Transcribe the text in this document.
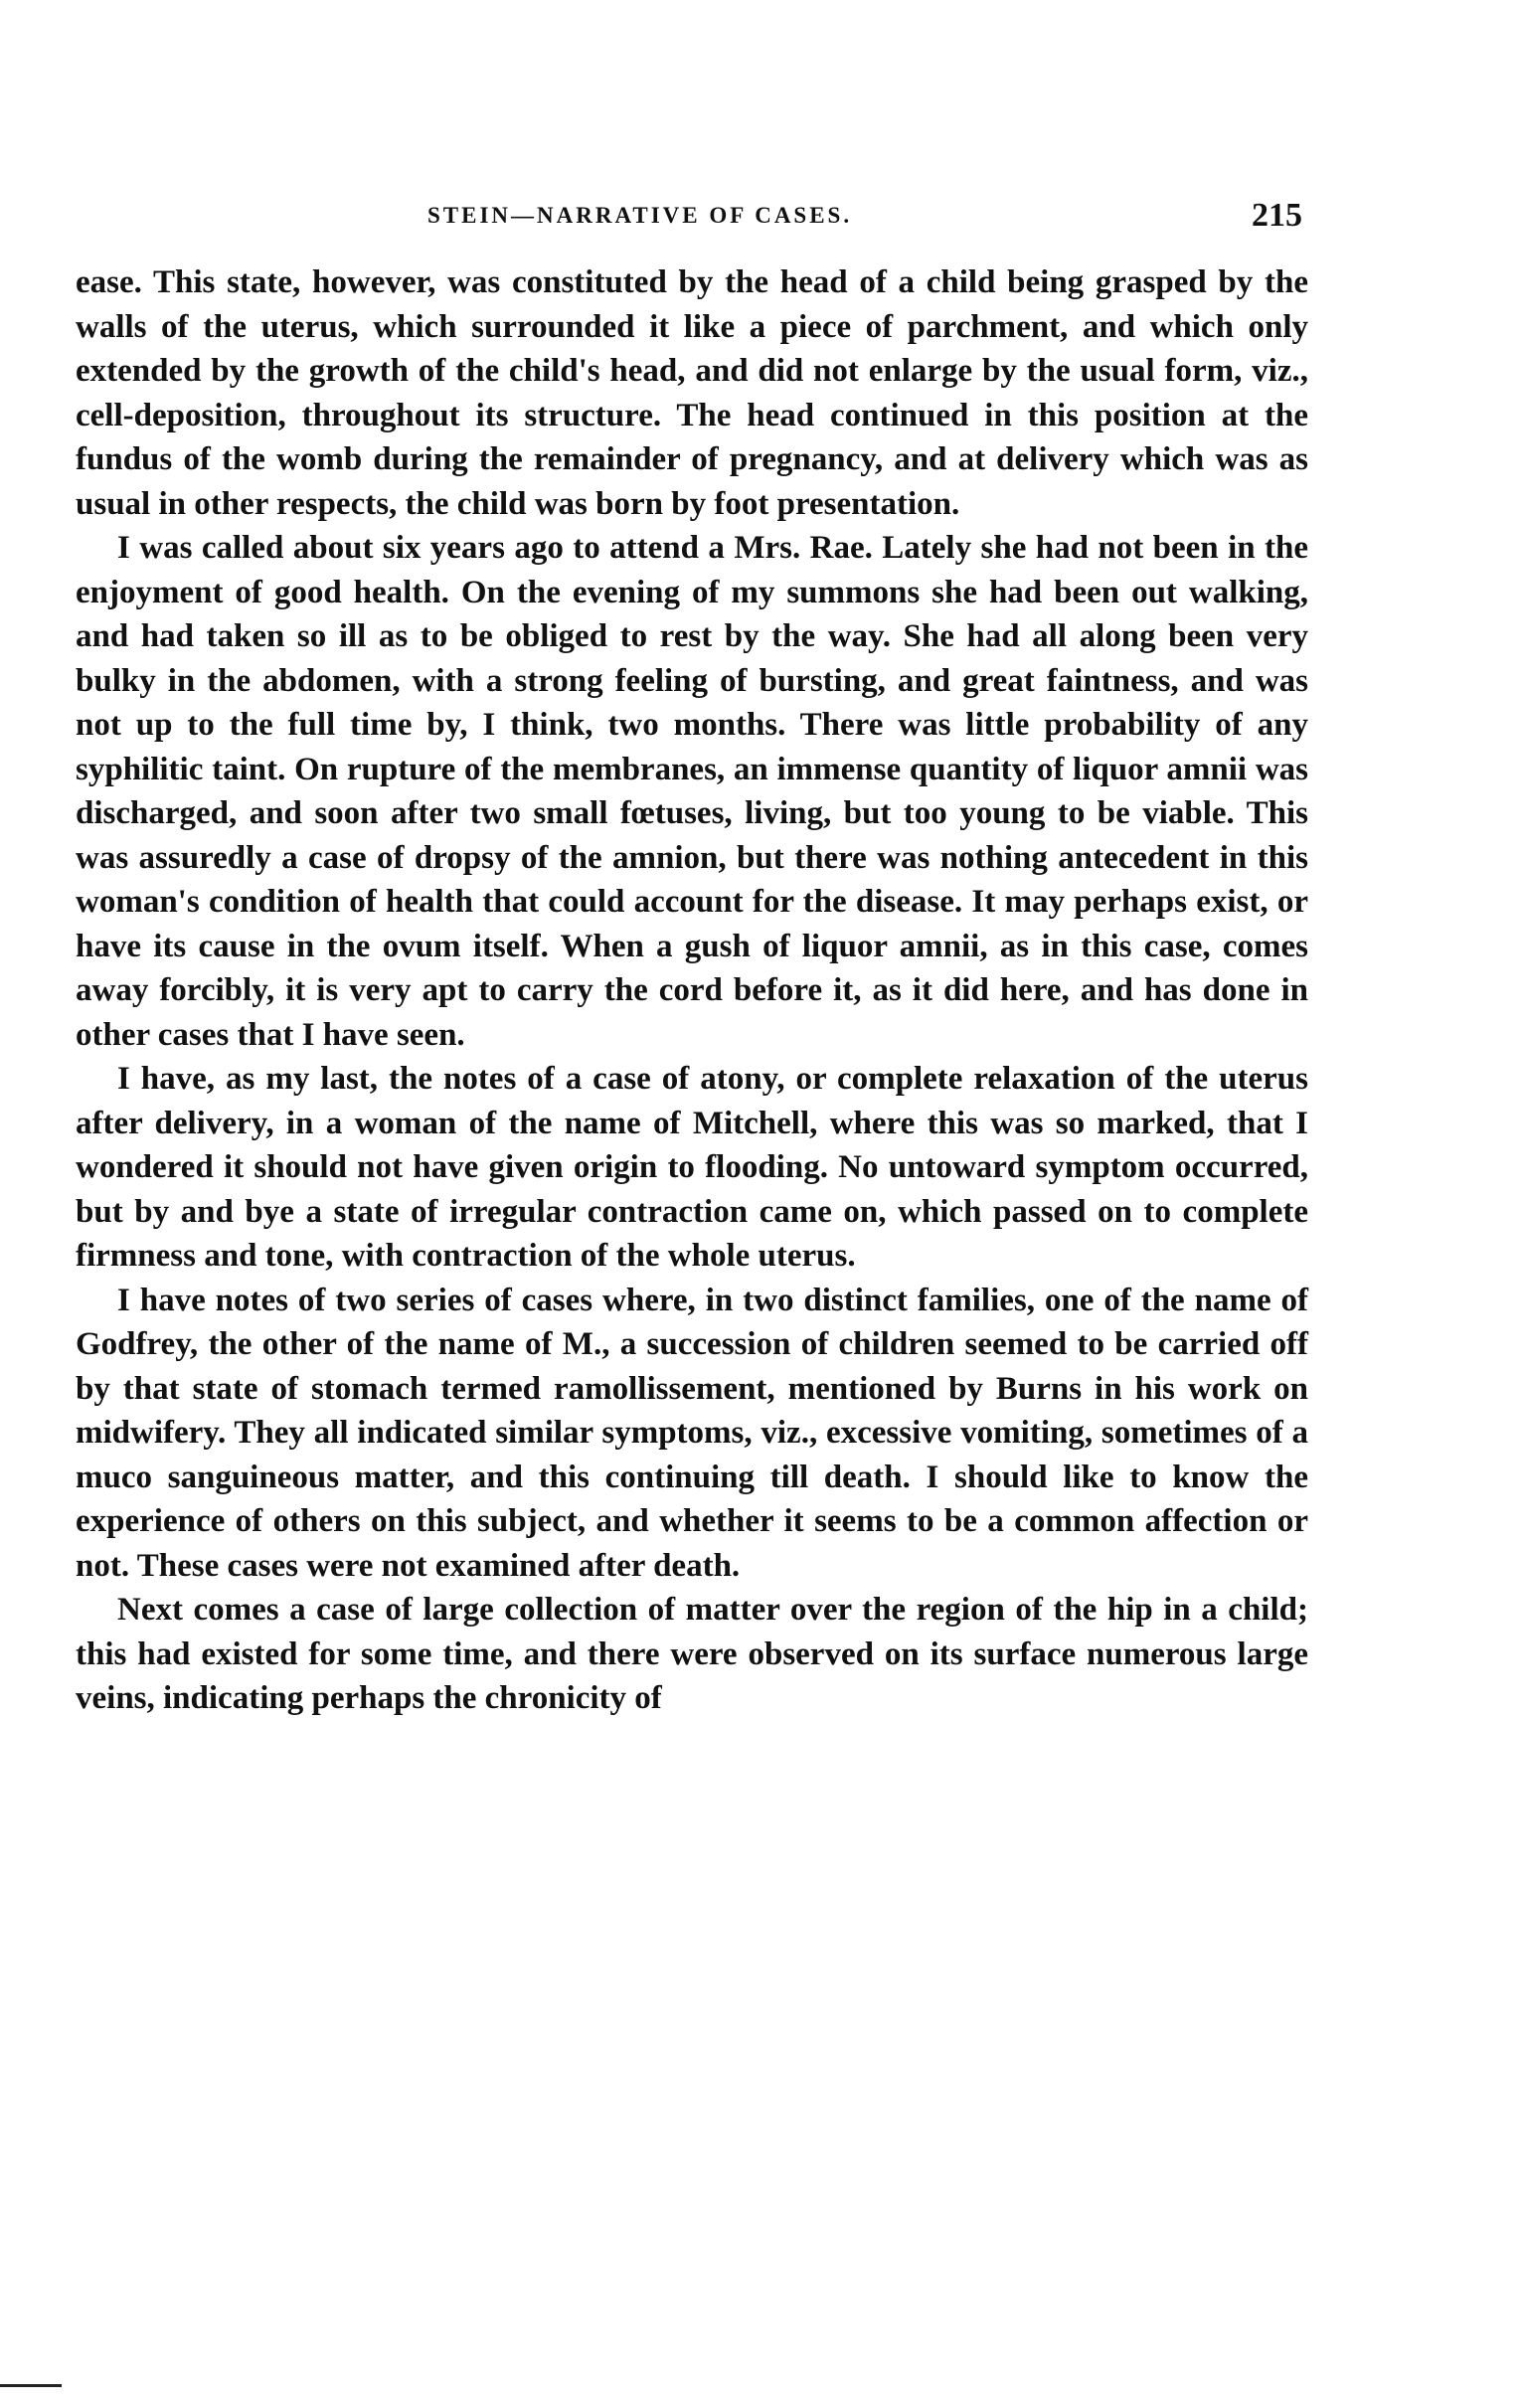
STEIN—NARRATIVE OF CASES.	215

ease. This state, however, was constituted by the head of a child being grasped by the walls of the uterus, which surrounded it like a piece of parchment, and which only extended by the growth of the child's head, and did not enlarge by the usual form, viz., cell-deposition, throughout its structure. The head continued in this position at the fundus of the womb during the remainder of pregnancy, and at delivery which was as usual in other respects, the child was born by foot presentation.

I was called about six years ago to attend a Mrs. Rae. Lately she had not been in the enjoyment of good health. On the evening of my summons she had been out walking, and had taken so ill as to be obliged to rest by the way. She had all along been very bulky in the abdomen, with a strong feeling of bursting, and great faintness, and was not up to the full time by, I think, two months. There was little probability of any syphilitic taint. On rupture of the membranes, an immense quantity of liquor amnii was discharged, and soon after two small fœtuses, living, but too young to be viable. This was assuredly a case of dropsy of the amnion, but there was nothing antecedent in this woman's condition of health that could account for the disease. It may perhaps exist, or have its cause in the ovum itself. When a gush of liquor amnii, as in this case, comes away forcibly, it is very apt to carry the cord before it, as it did here, and has done in other cases that I have seen.

I have, as my last, the notes of a case of atony, or complete relaxation of the uterus after delivery, in a woman of the name of Mitchell, where this was so marked, that I wondered it should not have given origin to flooding. No untoward symptom occurred, but by and bye a state of irregular contraction came on, which passed on to complete firmness and tone, with contraction of the whole uterus.

I have notes of two series of cases where, in two distinct families, one of the name of Godfrey, the other of the name of M., a succession of children seemed to be carried off by that state of stomach termed ramollissement, mentioned by Burns in his work on midwifery. They all indicated similar symptoms, viz., excessive vomiting, sometimes of a muco sanguineous matter, and this continuing till death. I should like to know the experience of others on this subject, and whether it seems to be a common affection or not. These cases were not examined after death.

Next comes a case of large collection of matter over the region of the hip in a child; this had existed for some time, and there were observed on its surface numerous large veins, indicating perhaps the chronicity of
